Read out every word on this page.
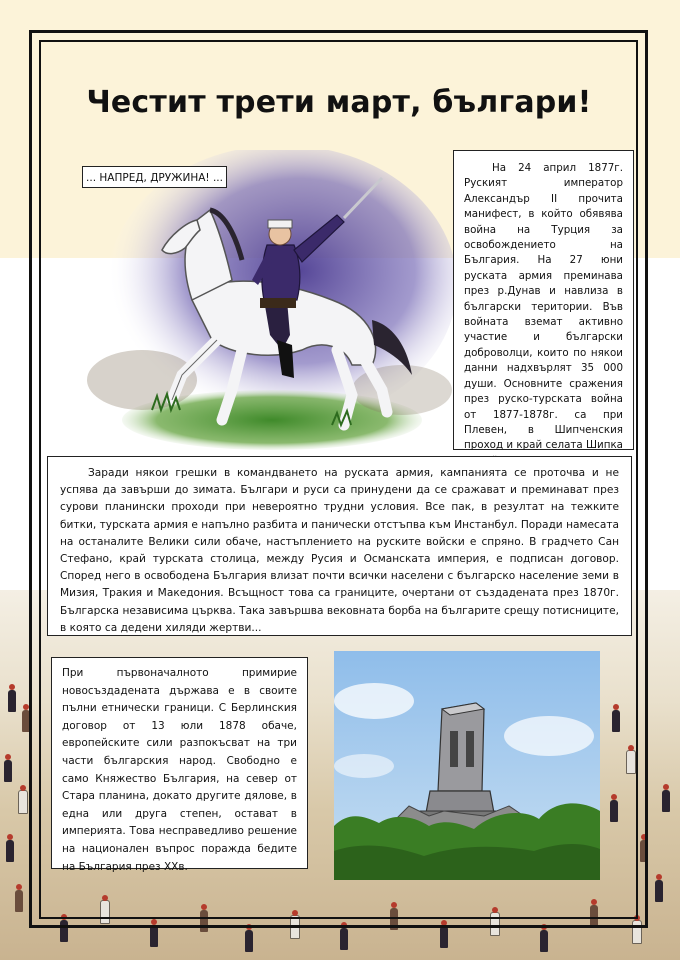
Честит трети март, българи!
... НАПРЕД, ДРУЖИНА! ...

На 24 април 1877г. Руският император Александър II прочита манифест, в който обявява война на Турция за освобождението на България. На 27 юни руската армия преминава през р.Дунав и навлиза в български територии. Във войната вземат активно участие и български доброволци, които по някои данни надхвърлят 35 000 души. Основните сражения през руско-турската война от 1877-1878г. са при Плевен, в Шипченския проход и край селата Шипка

Заради някои грешки в командването на руската армия, кампанията се проточва и не успява да завърши до зимата. Българи и руси са принудени да се сражават и преминават през сурови планински проходи при невероятно трудни условия. Все пак, в резултат на тежките битки, турската армия е напълно разбита и панически отстъпва към Инстанбул. Поради намесата на останалите Велики сили обаче, настъплението на руските войски е спряно. В градчето Сан Стефано, край турската столица, между Русия и Османската империя, е подписан договор. Според него в освободена България влизат почти всички населени с българско население земи в Мизия, Тракия и Македония. Всъщност това са границите, очертани от създадената през 1870г. Българска независима църква. Така завършва вековната борба на българите срещу потисниците, в която са дедени хиляди жертви...

При първоначалното примирие новосъздадената държава е в своите пълни етнически граници. С Берлинския договор от 13 юли 1878 обаче, европейските сили разпокъсват на три части българския народ. Свободно е само Княжество България, на север от Стара планина, докато другите дялове, в една или друга степен, остават в империята. Това несправедливо решение на национален въпрос поражда бедите на България през XXв.
